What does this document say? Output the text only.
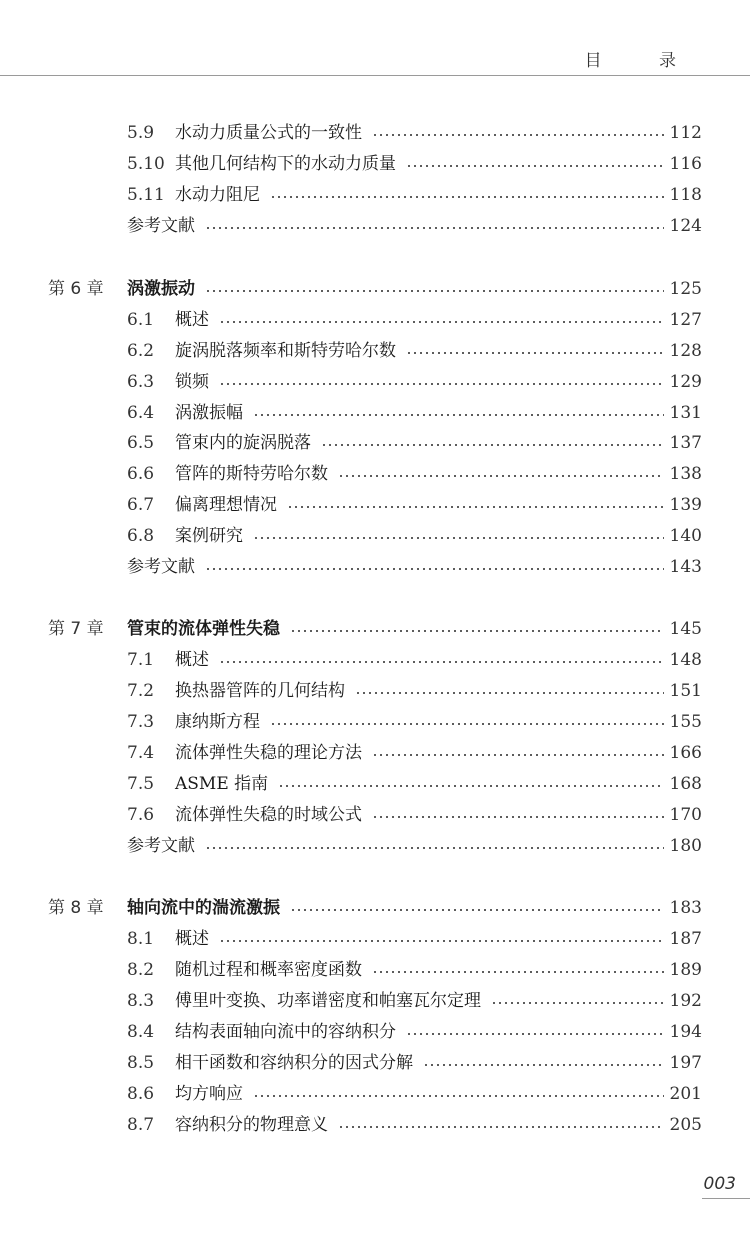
目 录
5.9	水动力质量公式的一致性	112
5.10 其他几何结构下的水动力质量	116
5.11 水动力阻尼	118
参考文献	124
第 6 章	涡激振动	125
6.1	概述	127
6.2	旋涡脱落频率和斯特劳哈尔数	128
6.3	锁频	129
6.4	涡激振幅	131
6.5	管束内的旋涡脱落	137
6.6	管阵的斯特劳哈尔数	138
6.7	偏离理想情况	139
6.8	案例研究	140
参考文献	143
第 7 章	管束的流体弹性失稳	145
7.1	概述	148
7.2	换热器管阵的几何结构	151
7.3	康纳斯方程	155
7.4	流体弹性失稳的理论方法	166
7.5	ASME 指南	168
7.6	流体弹性失稳的时域公式	170
参考文献	180
第 8 章	轴向流中的湍流激振	183
8.1	概述	187
8.2	随机过程和概率密度函数	189
8.3	傅里叶变换、功率谱密度和帕塞瓦尔定理	192
8.4	结构表面轴向流中的容纳积分	194
8.5	相干函数和容纳积分的因式分解	197
8.6	均方响应	201
8.7	容纳积分的物理意义	205
003
